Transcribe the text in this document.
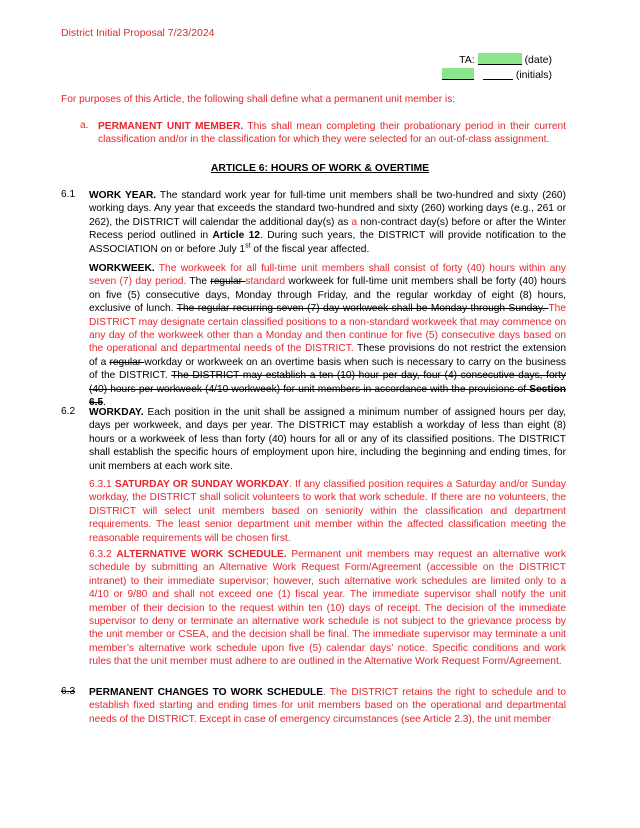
District Initial Proposal 7/23/2024
TA:	(date)
(initials)
For purposes of this Article, the following shall define what a permanent unit member is:
a. PERMANENT UNIT MEMBER. This shall mean completing their probationary period in their current classification and/or in the classification for which they were selected for an out-of-class assignment.
ARTICLE 6: HOURS OF WORK & OVERTIME
6.1 WORK YEAR. The standard work year for full-time unit members shall be two-hundred and sixty (260) working days. Any year that exceeds the standard two-hundred and sixty (260) working days (e.g., 261 or 262), the DISTRICT will calendar the additional day(s) as a non-contract day(s) before or after the Winter Recess period outlined in Article 12. During such years, the DISTRICT will provide notification to the ASSOCIATION on or before July 1st of the fiscal year affected.
WORKWEEK. The workweek for all full-time unit members shall consist of forty (40) hours within any seven (7) day period. The regular standard workweek for full-time unit members shall be forty (40) hours on five (5) consecutive days, Monday through Friday, and the regular workday of eight (8) hours, exclusive of lunch. The regular recurring seven (7) day workweek shall be Monday through Sunday. The DISTRICT may designate certain classified positions to a non-standard workweek that may commence on any day of the workweek other than a Monday and then continue for five (5) consecutive days based on the operational and departmental needs of the DISTRICT. These provisions do not restrict the extension of a regular workday or workweek on an overtime basis when such is necessary to carry on the business of the DISTRICT. The DISTRICT may establish a ten (10) hour per day, four (4) consecutive days, forty (40) hours per workweek (4/10 workweek) for unit members in accordance with the provisions of Section 6.5.
6.2 WORKDAY. Each position in the unit shall be assigned a minimum number of assigned hours per day, days per workweek, and days per year. The DISTRICT may establish a workday of less than eight (8) hours or a workweek of less than forty (40) hours for all or any of its classified positions. The DISTRICT shall establish the specific hours of employment upon hire, including the beginning and ending times, for unit members at each work site.
6.3.1 SATURDAY OR SUNDAY WORKDAY. If any classified position requires a Saturday and/or Sunday workday, the DISTRICT shall solicit volunteers to work that work schedule. If there are no volunteers, the DISTRICT will select unit members based on seniority within the classification and department requirements. The least senior department unit member within the affected classification meeting the reasonable requirements will be chosen first.
6.3.2 ALTERNATIVE WORK SCHEDULE. Permanent unit members may request an alternative work schedule by submitting an Alternative Work Request Form/Agreement (accessible on the DISTRICT intranet) to their immediate supervisor; however, such alternative work schedules are limited only to a 4/10 or 9/80 and shall not exceed one (1) fiscal year. The immediate supervisor shall notify the unit member of their decision to the request within ten (10) days of receipt. The decision of the immediate supervisor to deny or terminate an alternative work schedule is not subject to the grievance process by the unit member or CSEA, and the decision shall be final. The immediate supervisor may terminate a unit member’s alternative work schedule upon five (5) calendar days’ notice. Specific conditions and work rules that the unit member must adhere to are outlined in the Alternative Work Request Form/Agreement.
6.3 PERMANENT CHANGES TO WORK SCHEDULE. The DISTRICT retains the right to schedule and to establish fixed starting and ending times for unit members based on the operational and departmental needs of the DISTRICT. Except in case of emergency circumstances (see Article 2.3), the unit member
